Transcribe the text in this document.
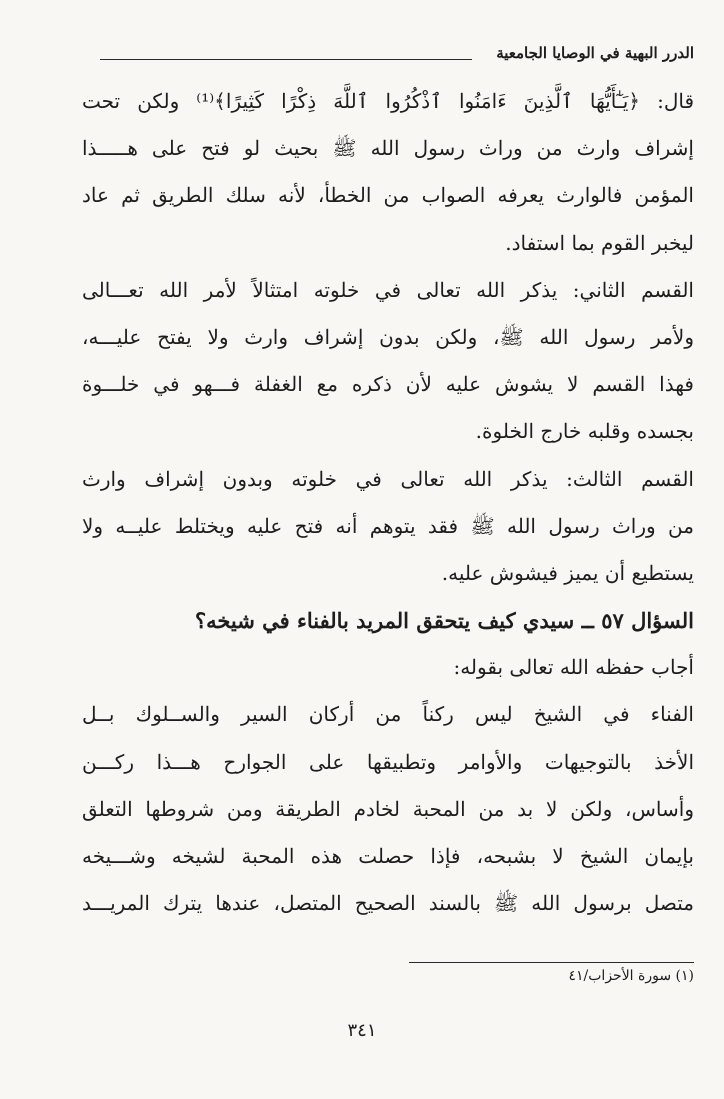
الدرر البهية في الوصايا الجامعية
قال: ﴿يَـٰٓأَيُّهَا ٱلَّذِينَ ءَامَنُوا ٱذْكُرُوا ٱللَّهَ ذِكْرًا كَثِيرًا﴾⁽¹⁾ ولكن تحت
إشراف وارث من وراث رسول الله ﷺ بحيث لو فتح على هـــــذا
المؤمن فالوارث يعرفه الصواب من الخطأ، لأنه سلك الطريق ثم عاد
ليخبر القوم بما استفاد.
القسم الثاني: يذكر الله تعالى في خلوته امتثالاً لأمر الله تعـــالى
ولأمر رسول الله ﷺ، ولكن بدون إشراف وارث ولا يفتح عليـــه،
فهذا القسم لا يشوش عليه لأن ذكره مع الغفلة فـــهو في خلـــوة
بجسده وقلبه خارج الخلوة.
القسم الثالث: يذكر الله تعالى في خلوته وبدون إشراف وارث
من وراث رسول الله ﷺ فقد يتوهم أنه فتح عليه ويختلط عليــه ولا
يستطيع أن يميز فيشوش عليه.
السؤال ٥٧ ــ سيدي كيف يتحقق المريد بالفناء في شيخه؟
أجاب حفظه الله تعالى بقوله:
الفناء في الشيخ ليس ركناً من أركان السير والســلوك بــل
الأخذ بالتوجيهات والأوامر وتطبيقها على الجوارح هـــذا ركـــن
وأساس، ولكن لا بد من المحبة لخادم الطريقة ومن شروطها التعلق
بإيمان الشيخ لا بشبحه، فإذا حصلت هذه المحبة لشيخه وشـــيخه
متصل برسول الله ﷺ بالسند الصحيح المتصل، عندها يترك المريـــد
(١) سورة الأحزاب/٤١
٣٤١
